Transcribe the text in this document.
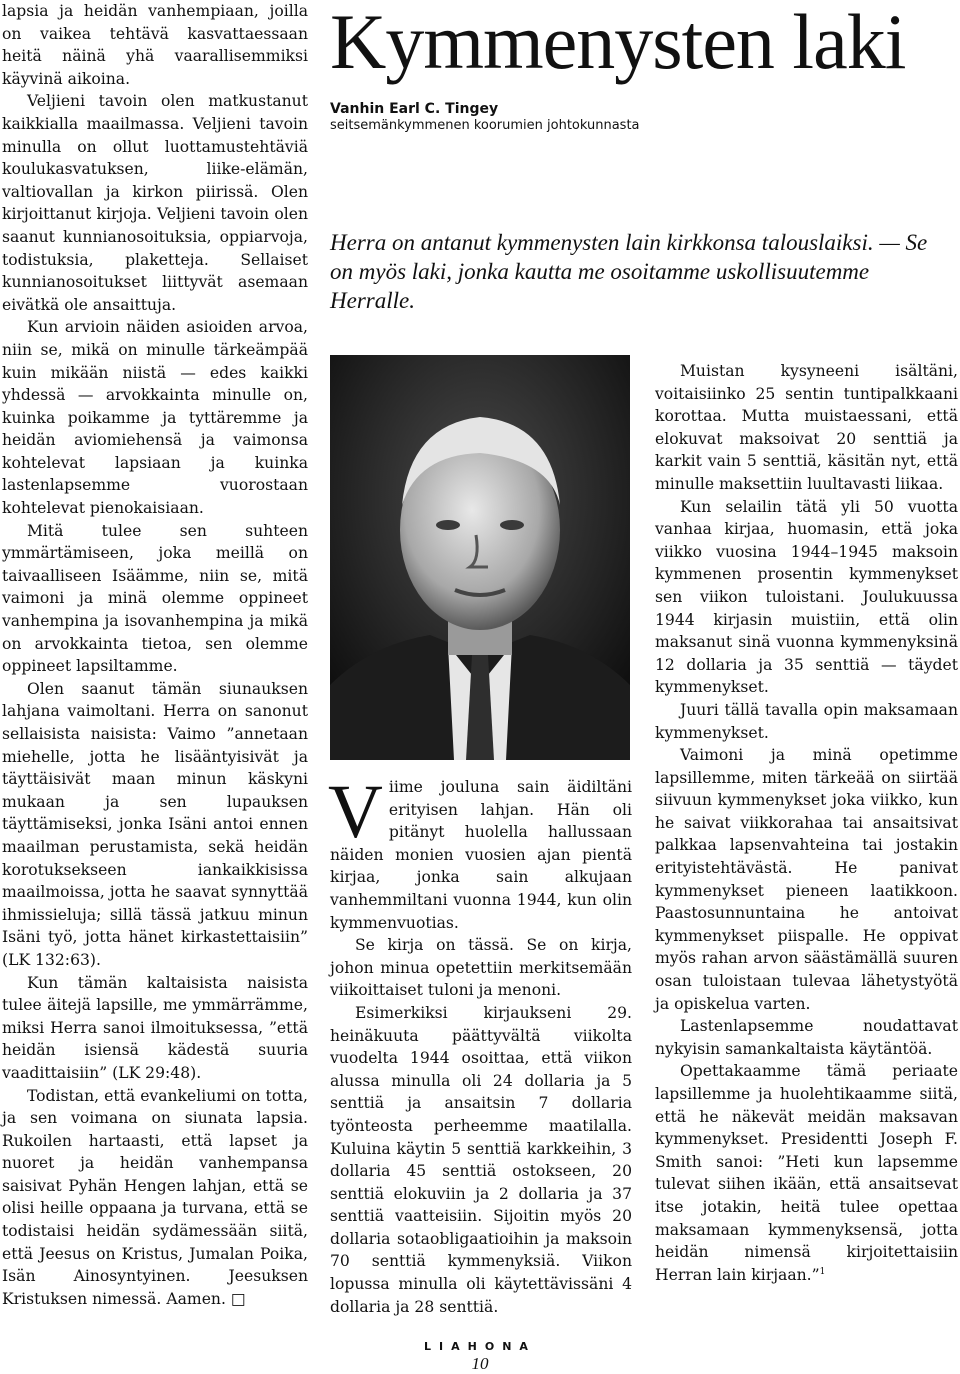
lapsia ja heidän vanhempiaan, joilla on vaikea tehtävä kasvattaessaan heitä näinä yhä vaarallisemmiksi käyvinä aikoina.

Veljieni tavoin olen matkustanut kaikkialla maailmassa. Veljieni tavoin minulla on ollut luottamustehtäviä koulukasvatuksen, liike-elämän, valtiovallan ja kirkon piirissä. Olen kirjoittanut kirjoja. Veljieni tavoin olen saanut kunnianosoituksia, oppiarvoja, todistuksia, plaketteja. Sellaiset kunnianosoitukset liittyvät asemaan eivätkä ole ansaittuja.

Kun arvioin näiden asioiden arvoa, niin se, mikä on minulle tärkeämpää kuin mikään niistä — edes kaikki yhdessä — arvokkainta minulle on, kuinka poikamme ja tyttäremme ja heidän aviomiehensä ja vaimonsa kohtelevat lapsiaan ja kuinka lastenlapsemme vuorostaan kohtelevat pienokaisiaan.

Mitä tulee sen suhteen ymmärtämiseen, joka meillä on taivaalliseen Isäämme, niin se, mitä vaimoni ja minä olemme oppineet vanhempina ja isovanhempina ja mikä on arvokkainta tietoa, sen olemme oppineet lapsiltamme.

Olen saanut tämän siunauksen lahjana vaimoltani. Herra on sanonut sellaisista naisista: Vaimo ”annetaan miehelle, jotta he lisääntyisivät ja täyttäisivät maan minun käskyni mukaan ja sen lupauksen täyttämiseksi, jonka Isäni antoi ennen maailman perustamista, sekä heidän korotuksekseen iankaikkisissa maailmoissa, jotta he saavat synnyttää ihmissieluja; sillä tässä jatkuu minun Isäni työ, jotta hänet kirkastettaisiin” (LK 132:63).

Kun tämän kaltaisista naisista tulee äitejä lapsille, me ymmärrämme, miksi Herra sanoi ilmoituksessa, ”että heidän isiensä kädestä suuria vaadittaisiin” (LK 29:48).

Todistan, että evankeliumi on totta, ja sen voimana on siunata lapsia. Rukoilen hartaasti, että lapset ja nuoret ja heidän vanhempansa saisivat Pyhän Hengen lahjan, että se olisi heille oppaana ja turvana, että se todistaisi heidän sydämessään siitä, että Jeesus on Kristus, Jumalan Poika, Isän Ainosyntyinen. Jeesuksen Kristuksen nimessä. Aamen. □

Kymmenysten laki
Vanhin Earl C. Tingey
seitsemänkymmenen koorumien johtokunnasta
Herra on antanut kymmenysten lain kirkkonsa talouslaiksi. — Se on myös laki, jonka kautta me osoitamme uskollisuutemme Herralle.

Viime jouluna sain äidiltäni erityisen lahjan. Hän oli pitänyt huolella hallussaan näiden monien vuosien ajan pientä kirjaa, jonka sain alkujaan vanhemmiltani vuonna 1944, kun olin kymmenvuotias.

Se kirja on tässä. Se on kirja, johon minua opetettiin merkitsemään viikoittaiset tuloni ja menoni.

Esimerkiksi kirjaukseni 29. heinäkuuta päättyvältä viikolta vuodelta 1944 osoittaa, että viikon alussa minulla oli 24 dollaria ja 5 senttiä ja ansaitsin 7 dollaria työnteosta perheemme maatilalla. Kuluina käytin 5 senttiä karkkeihin, 3 dollaria 45 senttiä ostokseen, 20 senttiä elokuviin ja 2 dollaria ja 37 senttiä vaatteisiin. Sijoitin myös 20 dollaria sotaobligaatioihin ja maksoin 70 senttiä kymmenyksiä. Viikon lopussa minulla oli käytettävissäni 4 dollaria ja 28 senttiä.

Muistan kysyneeni isältäni, voitaisiinko 25 sentin tuntipalkkaani korottaa. Mutta muistaessani, että elokuvat maksoivat 20 senttiä ja karkit vain 5 senttiä, käsitän nyt, että minulle maksettiin luultavasti liikaa.

Kun selailin tätä yli 50 vuotta vanhaa kirjaa, huomasin, että joka viikko vuosina 1944–1945 maksoin kymmenen prosentin kymmenykset sen viikon tuloistani. Joulukuussa 1944 kirjasin muistiin, että olin maksanut sinä vuonna kymmenyksinä 12 dollaria ja 35 senttiä — täydet kymmenykset.

Juuri tällä tavalla opin maksamaan kymmenykset.

Vaimoni ja minä opetimme lapsillemme, miten tärkeää on siirtää siivuun kymmenykset joka viikko, kun he saivat viikkorahaa tai ansaitsivat palkkaa lapsenvahteina tai jostakin erityistehtävästä. He panivat kymmenykset pieneen laatikkoon. Paastosunnuntaina he antoivat kymmenykset piispalle. He oppivat myös rahan arvon säästämällä suuren osan tuloistaan tulevaa lähetystyötä ja opiskelua varten.

Lastenlapsemme noudattavat nykyisin samankaltaista käytäntöä.

Opettakaamme tämä periaate lapsillemme ja huolehtikaamme siitä, että he näkevät meidän maksavan kymmenykset. Presidentti Joseph F. Smith sanoi: ”Heti kun lapsemme tulevat siihen ikään, että ansaitsevat itse jotakin, heitä tulee opettaa maksamaan kymmenyksensä, jotta heidän nimensä kirjoitettaisiin Herran lain kirjaan.”$^1$

LIAHONA
10
